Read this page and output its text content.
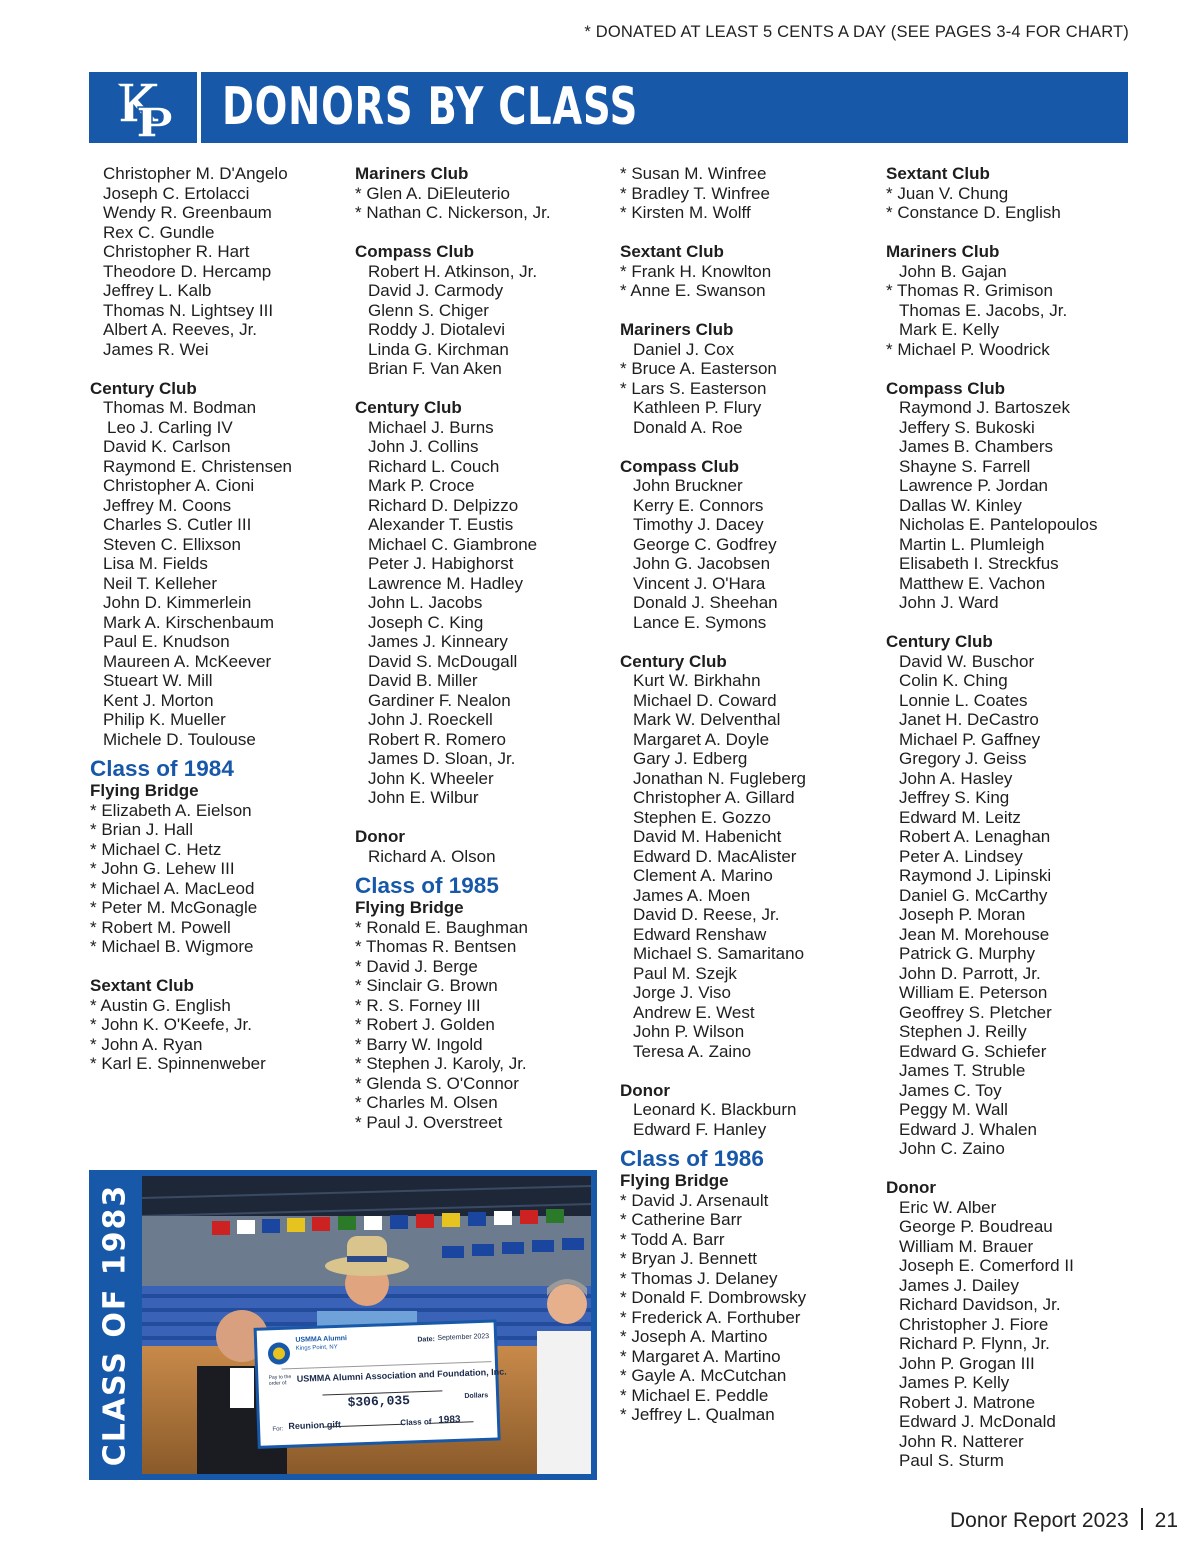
* DONATED AT LEAST 5 CENTS A DAY (SEE PAGES 3-4 FOR CHART)
DONORS BY CLASS
Christopher M. D'Angelo
Joseph C. Ertolacci
Wendy R. Greenbaum
Rex C. Gundle
Christopher R. Hart
Theodore D. Hercamp
Jeffrey L. Kalb
Thomas N. Lightsey III
Albert A. Reeves, Jr.
James R. Wei
Century Club
Thomas M. Bodman
Leo J. Carling IV
David K. Carlson
Raymond E. Christensen
Christopher A. Cioni
Jeffrey M. Coons
Charles S. Cutler III
Steven C. Ellixson
Lisa M. Fields
Neil T. Kelleher
John D. Kimmerlein
Mark A. Kirschenbaum
Paul E. Knudson
Maureen A. McKeever
Stueart W. Mill
Kent J. Morton
Philip K. Mueller
Michele D. Toulouse
Class of 1984
Flying Bridge
* Elizabeth A. Eielson
* Brian J. Hall
* Michael C. Hetz
* John G. Lehew III
* Michael A. MacLeod
* Peter M. McGonagle
* Robert M. Powell
* Michael B. Wigmore
Sextant Club
* Austin G. English
* John K. O'Keefe, Jr.
* John A. Ryan
* Karl E. Spinnenweber
Mariners Club
* Glen A. DiEleuterio
* Nathan C. Nickerson, Jr.
Compass Club
Robert H. Atkinson, Jr.
David J. Carmody
Glenn S. Chiger
Roddy J. Diotalevi
Linda G. Kirchman
Brian F. Van Aken
Century Club
Michael J. Burns
John J. Collins
Richard L. Couch
Mark P. Croce
Richard D. Delpizzo
Alexander T. Eustis
Michael C. Giambrone
Peter J. Habighorst
Lawrence M. Hadley
John L. Jacobs
Joseph C. King
James J. Kinneary
David S. McDougall
David B. Miller
Gardiner F. Nealon
John J. Roeckell
Robert R. Romero
James D. Sloan, Jr.
John K. Wheeler
John E. Wilbur
Donor
Richard A. Olson
Class of 1985
Flying Bridge
* Ronald E. Baughman
* Thomas R. Bentsen
* David J. Berge
* Sinclair G. Brown
* R. S. Forney III
* Robert J. Golden
* Barry W. Ingold
* Stephen J. Karoly, Jr.
* Glenda S. O'Connor
* Charles M. Olsen
* Paul J. Overstreet
* Susan M. Winfree
* Bradley T. Winfree
* Kirsten M. Wolff
Sextant Club
* Frank H. Knowlton
* Anne E. Swanson
Mariners Club
Daniel J. Cox
* Bruce A. Easterson
* Lars S. Easterson
Kathleen P. Flury
Donald A. Roe
Compass Club
John Bruckner
Kerry E. Connors
Timothy J. Dacey
George C. Godfrey
John G. Jacobsen
Vincent J. O'Hara
Donald J. Sheehan
Lance E. Symons
Century Club
Kurt W. Birkhahn
Michael D. Coward
Mark W. Delventhal
Margaret A. Doyle
Gary J. Edberg
Jonathan N. Fugleberg
Christopher A. Gillard
Stephen E. Gozzo
David M. Habenicht
Edward D. MacAlister
Clement A. Marino
James A. Moen
David D. Reese, Jr.
Edward Renshaw
Michael S. Samaritano
Paul M. Szejk
Jorge J. Viso
Andrew E. West
John P. Wilson
Teresa A. Zaino
Donor
Leonard K. Blackburn
Edward F. Hanley
Class of 1986
Flying Bridge
* David J. Arsenault
* Catherine Barr
* Todd A. Barr
* Bryan J. Bennett
* Thomas J. Delaney
* Donald F. Dombrowsky
* Frederick A. Forthuber
* Joseph A. Martino
* Margaret A. Martino
* Gayle A. McCutchan
* Michael E. Peddle
* Jeffrey L. Qualman
Sextant Club
* Juan V. Chung
* Constance D. English
Mariners Club
John B. Gajan
* Thomas R. Grimison
Thomas E. Jacobs, Jr.
Mark E. Kelly
* Michael P. Woodrick
Compass Club
Raymond J. Bartoszek
Jeffery S. Bukoski
James B. Chambers
Shayne S. Farrell
Lawrence P. Jordan
Dallas W. Kinley
Nicholas E. Pantelopoulos
Martin L. Plumleigh
Elisabeth I. Streckfus
Matthew E. Vachon
John J. Ward
Century Club
David W. Buschor
Colin K. Ching
Lonnie L. Coates
Janet H. DeCastro
Michael P. Gaffney
Gregory J. Geiss
John A. Hasley
Jeffrey S. King
Edward M. Leitz
Robert A. Lenaghan
Peter A. Lindsey
Raymond J. Lipinski
Daniel G. McCarthy
Joseph P. Moran
Jean M. Morehouse
Patrick G. Murphy
John D. Parrott, Jr.
William E. Peterson
Geoffrey S. Pletcher
Stephen J. Reilly
Edward G. Schiefer
James T. Struble
James C. Toy
Peggy M. Wall
Edward J. Whalen
John C. Zaino
Donor
Eric W. Alber
George P. Boudreau
William M. Brauer
Joseph E. Comerford II
James J. Dailey
Richard Davidson, Jr.
Christopher J. Fiore
Richard P. Flynn, Jr.
John P. Grogan III
James P. Kelly
Robert J. Matrone
Edward J. McDonald
John R. Natterer
Paul S. Sturm
CLASS OF 1983	USMMA Alumni
Kings Point, NY
Date: September 2023
Pay to the order of: USMMA Alumni Association and Foundation, Inc.
$306,035	Dollars
For: Reunion gift	Class of 1983
Donor Report 2023 21
